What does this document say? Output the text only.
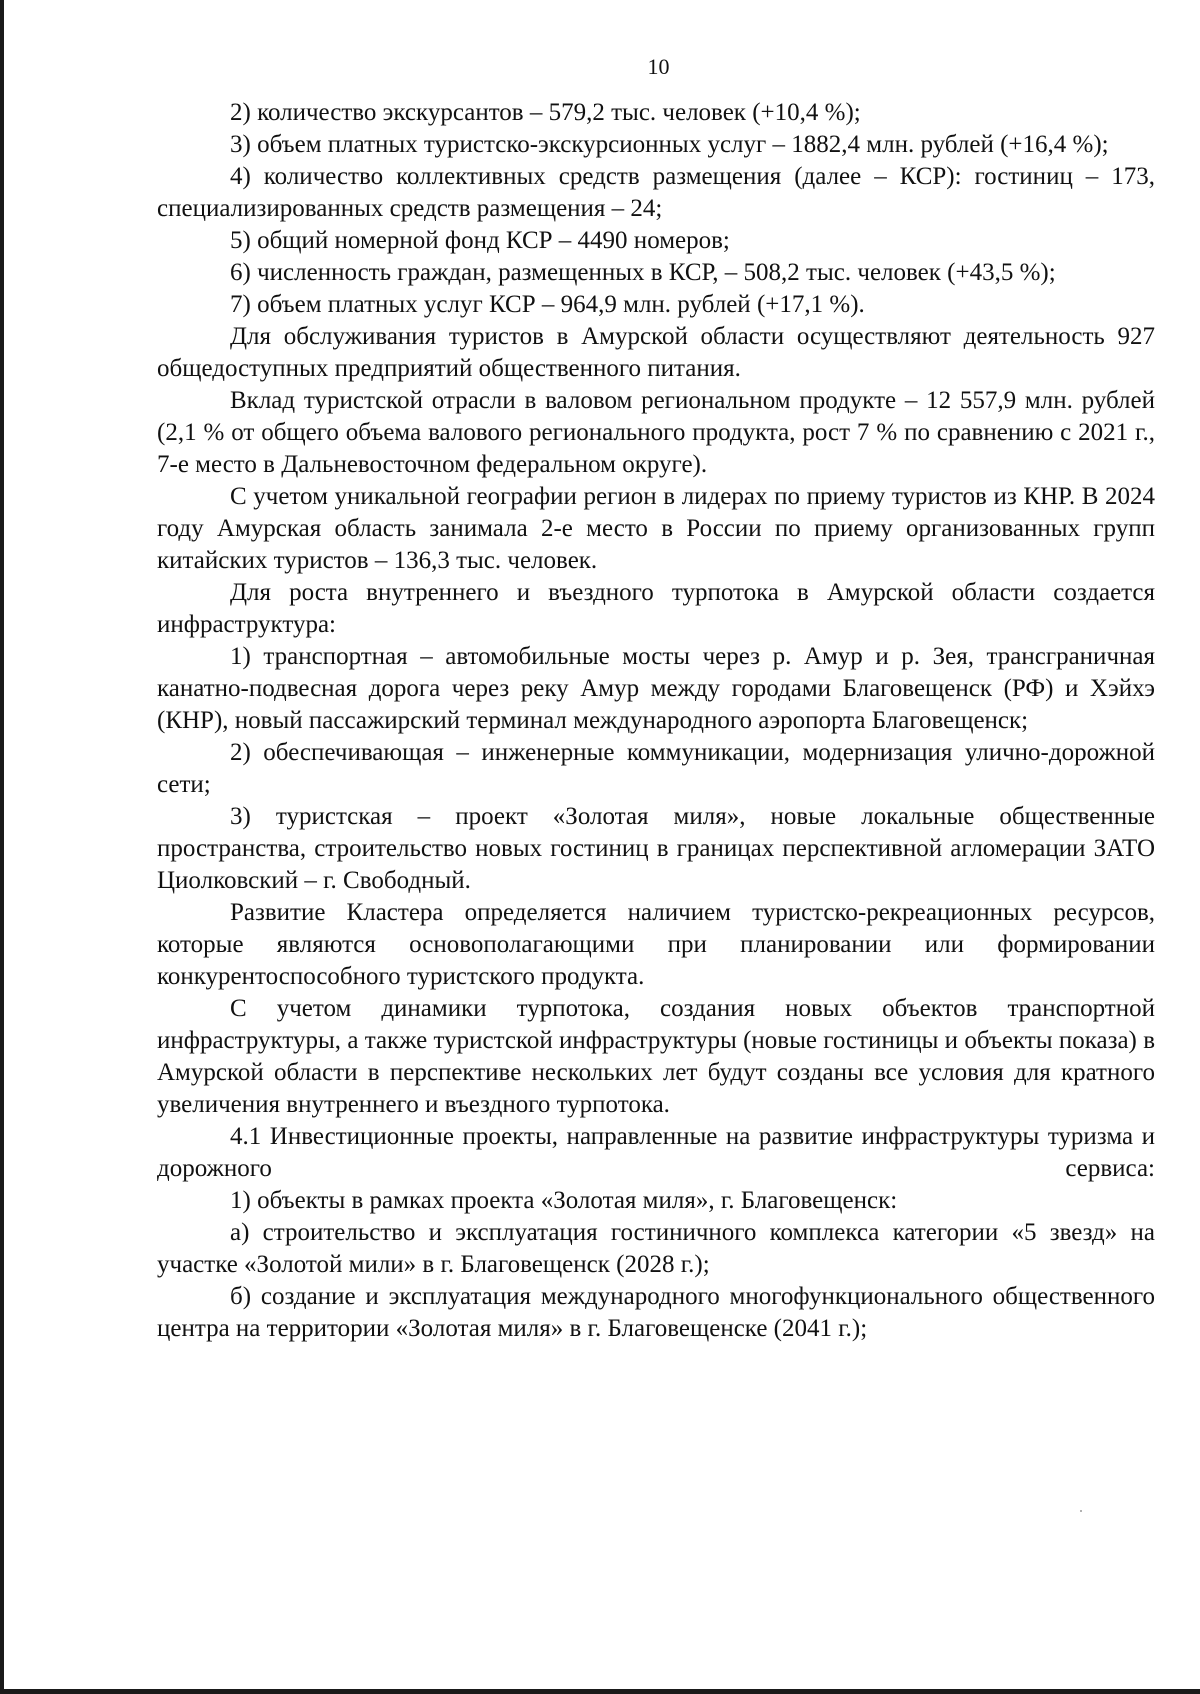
10

2) количество экскурсантов – 579,2 тыс. человек (+10,4 %);

3) объем платных туристско-экскурсионных услуг – 1882,4 млн. рублей (+16,4 %);

4) количество коллективных средств размещения (далее – КСР): гостиниц – 173, специализированных средств размещения – 24;

5) общий номерной фонд КСР – 4490 номеров;

6) численность граждан, размещенных в КСР, – 508,2 тыс. человек (+43,5 %);

7) объем платных услуг КСР – 964,9 млн. рублей (+17,1 %).

Для обслуживания туристов в Амурской области осуществляют деятельность 927 общедоступных предприятий общественного питания.

Вклад туристской отрасли в валовом региональном продукте – 12 557,9 млн. рублей (2,1 % от общего объема валового регионального продукта, рост 7 % по сравнению с 2021 г., 7-е место в Дальневосточном федеральном округе).

С учетом уникальной географии регион в лидерах по приему туристов из КНР. В 2024 году Амурская область занимала 2-е место в России по приему организованных групп китайских туристов – 136,3 тыс. человек.

Для роста внутреннего и въездного турпотока в Амурской области создается инфраструктура:

1) транспортная – автомобильные мосты через р. Амур и р. Зея, трансграничная канатно-подвесная дорога через реку Амур между городами Благовещенск (РФ) и Хэйхэ (КНР), новый пассажирский терминал международного аэропорта Благовещенск;

2) обеспечивающая – инженерные коммуникации, модернизация улично-дорожной сети;

3) туристская – проект «Золотая миля», новые локальные общественные пространства, строительство новых гостиниц в границах перспективной агломерации ЗАТО Циолковский – г. Свободный.

Развитие Кластера определяется наличием туристско-рекреационных ресурсов, которые являются основополагающими при планировании или формировании конкурентоспособного туристского продукта.

С учетом динамики турпотока, создания новых объектов транспортной инфраструктуры, а также туристской инфраструктуры (новые гостиницы и объекты показа) в Амурской области в перспективе нескольких лет будут созданы все условия для кратного увеличения внутреннего и въездного турпотока.

4.1 Инвестиционные проекты, направленные на развитие инфраструктуры туризма и дорожного сервиса:

1) объекты в рамках проекта «Золотая миля», г. Благовещенск:

а) строительство и эксплуатация гостиничного комплекса категории «5 звезд» на участке «Золотой мили» в г. Благовещенск (2028 г.);

б) создание и эксплуатация международного многофункционального общественного центра на территории «Золотая миля» в г. Благовещенске (2041 г.);
